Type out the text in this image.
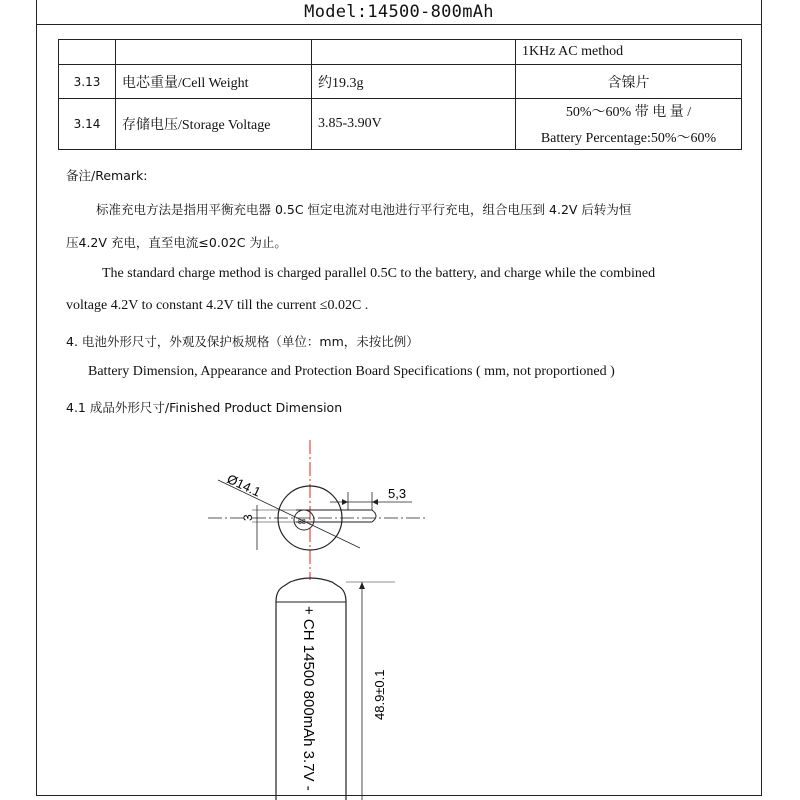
Model:14500-800mAh
			1KHz AC method
3.13	电芯重量/Cell Weight	约19.3g	含镍片
3.14	存储电压/Storage Voltage	3.85-3.90V	50%～60% 带 电 量 /
Battery Percentage:50%～60%
备注/Remark:
标准充电方法是指用平衡充电器 0.5C 恒定电流对电池进行平行充电，组合电压到 4.2V 后转为恒
压4.2V 充电，直至电流≤0.02C 为止。
The standard charge method is charged parallel 0.5C to the battery, and charge while the combined
voltage 4.2V to constant 4.2V till the current ≤0.02C .
4. 电池外形尺寸，外观及保护板规格（单位：mm，未按比例）
Battery Dimension, Appearance and Protection Board Specifications ( mm, not proportioned )
4.1 成品外形尺寸/Finished Product Dimension
88
5,3
3
Ø14.1
+ CH 14500 800mAh 3.7V -	48.9±0.1
